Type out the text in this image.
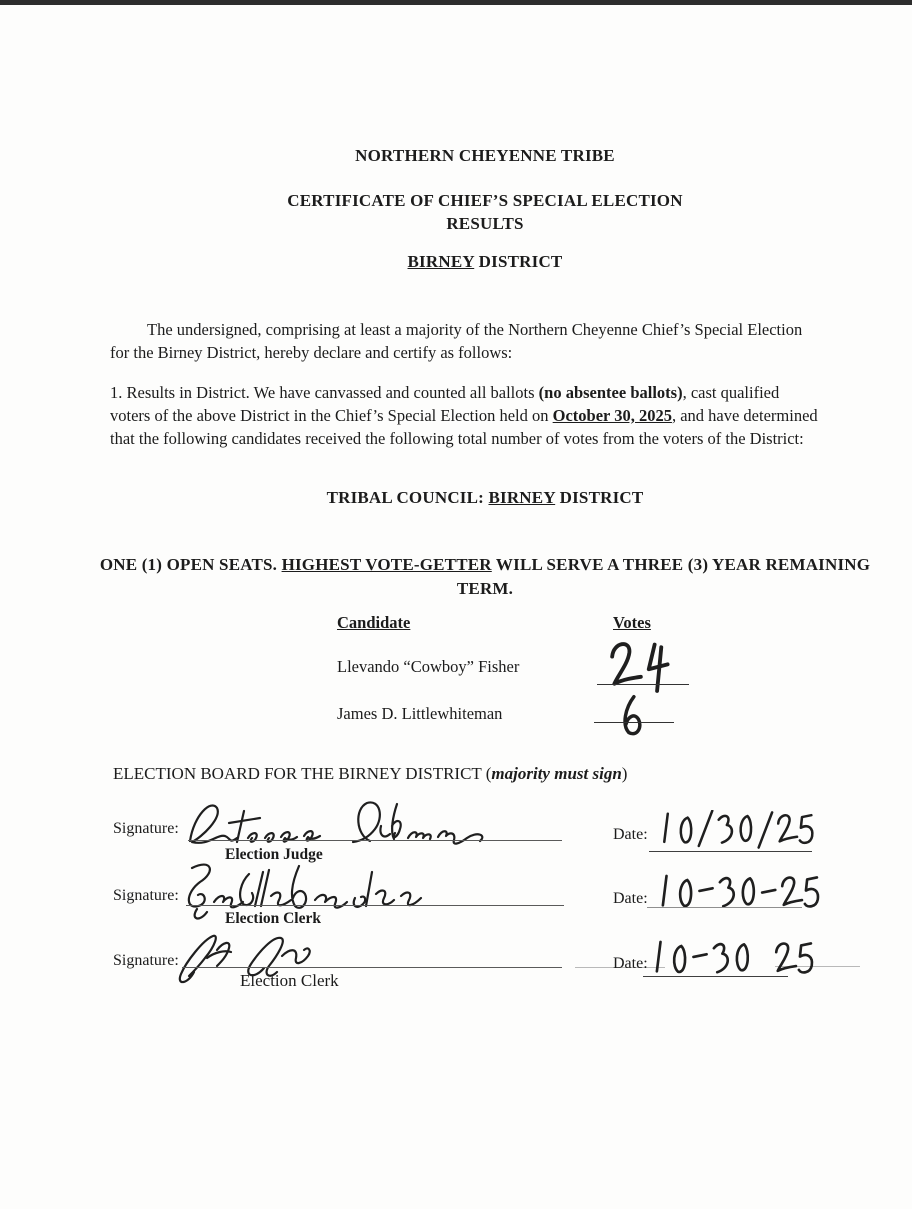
NORTHERN CHEYENNE TRIBE
CERTIFICATE OF CHIEF’S SPECIAL ELECTION
RESULTS
BIRNEY DISTRICT
The undersigned, comprising at least a majority of the Northern Cheyenne Chief’s Special Election for the Birney District, hereby declare and certify as follows:
1. Results in District. We have canvassed and counted all ballots (no absentee ballots), cast qualified voters of the above District in the Chief’s Special Election held on October 30, 2025, and have determined that the following candidates received the following total number of votes from the voters of the District:
TRIBAL COUNCIL: BIRNEY DISTRICT
ONE (1) OPEN SEATS. HIGHEST VOTE-GETTER WILL SERVE A THREE (3) YEAR REMAINING TERM.
Candidate	Votes
Llevando “Cowboy” Fisher
James D. Littlewhiteman
ELECTION BOARD FOR THE BIRNEY DISTRICT (majority must sign)
Signature:
Election Judge
Date:
Signature:
Election Clerk
Date:
Signature:
Election Clerk
Date:
